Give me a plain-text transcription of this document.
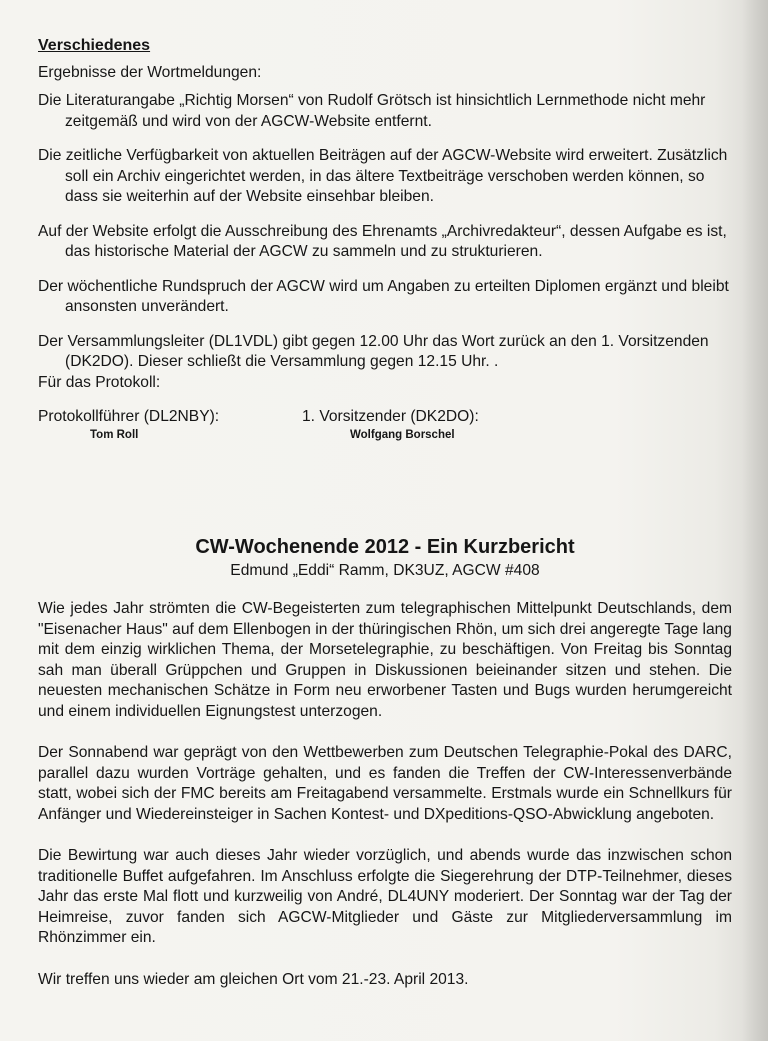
Verschiedenes
Ergebnisse der Wortmeldungen:
Die Literaturangabe „Richtig Morsen“ von Rudolf Grötsch ist hinsichtlich Lernmethode nicht mehr zeitgemäß und wird von der AGCW-Website entfernt.
Die zeitliche Verfügbarkeit von aktuellen Beiträgen auf der AGCW-Website wird erweitert. Zusätzlich soll ein Archiv eingerichtet werden, in das ältere Textbeiträge verschoben werden können, so dass sie weiterhin auf der Website einsehbar bleiben.
Auf der Website erfolgt die Ausschreibung des Ehrenamts „Archivredakteur“, dessen Aufgabe es ist, das historische Material der AGCW zu sammeln und zu strukturieren.
Der wöchentliche Rundspruch der AGCW wird um Angaben zu erteilten Diplomen ergänzt und bleibt ansonsten unverändert.
Der Versammlungsleiter (DL1VDL) gibt gegen 12.00 Uhr das Wort zurück an den 1. Vorsitzenden (DK2DO). Dieser schließt die Versammlung gegen 12.15 Uhr. .
Für das Protokoll:
Protokollführer (DL2NBY):
Tom Roll
1. Vorsitzender (DK2DO):
Wolfgang Borschel
CW-Wochenende 2012 - Ein Kurzbericht
Edmund „Eddi“ Ramm, DK3UZ, AGCW #408

Wie jedes Jahr strömten die CW-Begeisterten zum telegraphischen Mittelpunkt Deutschlands, dem "Eisenacher Haus" auf dem Ellenbogen in der thüringischen Rhön, um sich drei angeregte Tage lang mit dem einzig wirklichen Thema, der Morsetelegraphie, zu beschäftigen. Von Freitag bis Sonntag sah man überall Grüppchen und Gruppen in Diskussionen beieinander sitzen und stehen. Die neuesten mechanischen Schätze in Form neu erworbener Tasten und Bugs wurden herumgereicht und einem individuellen Eignungstest unterzogen.

Der Sonnabend war geprägt von den Wettbewerben zum Deutschen Telegraphie-Pokal des DARC, parallel dazu wurden Vorträge gehalten, und es fanden die Treffen der CW-Interessenverbände statt, wobei sich der FMC bereits am Freitagabend versammelte. Erstmals wurde ein Schnellkurs für Anfänger und Wiedereinsteiger in Sachen Kontest- und DXpeditions-QSO-Abwicklung angeboten.

Die Bewirtung war auch dieses Jahr wieder vorzüglich, und abends wurde das inzwischen schon traditionelle Buffet aufgefahren. Im Anschluss erfolgte die Siegerehrung der DTP-Teilnehmer, dieses Jahr das erste Mal flott und kurzweilig von André, DL4UNY moderiert. Der Sonntag war der Tag der Heimreise, zuvor fanden sich AGCW-Mitglieder und Gäste zur Mitgliederversammlung im Rhönzimmer ein.

Wir treffen uns wieder am gleichen Ort vom 21.-23. April 2013.
